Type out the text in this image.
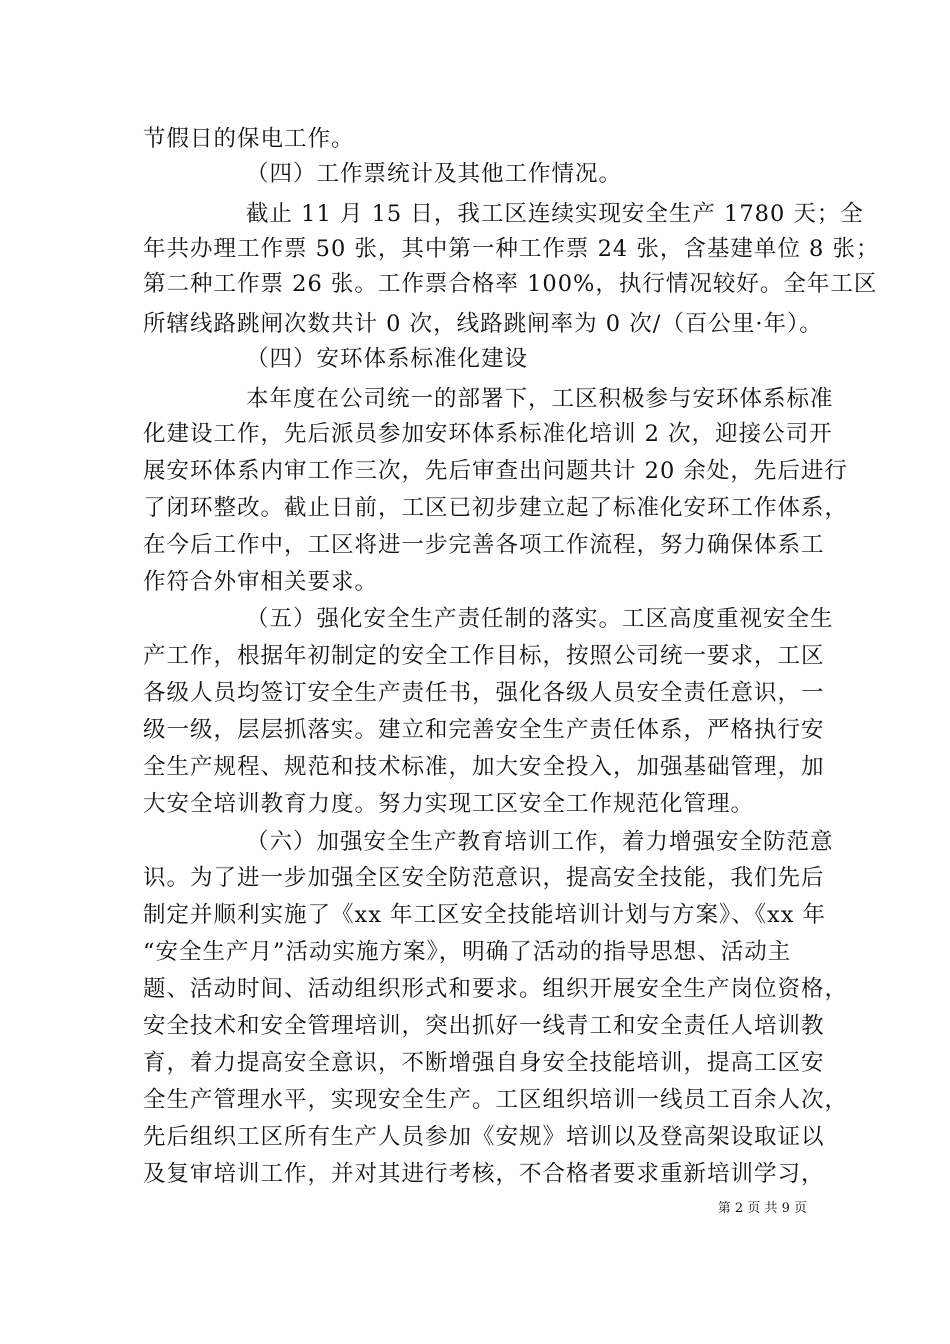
节假日的保电工作。
（四）工作票统计及其他工作情况。
截止 11 月 15 日，我工区连续实现安全生产 1780 天；全
年共办理工作票 50 张，其中第一种工作票 24 张，含基建单位 8 张；
第二种工作票 26 张。工作票合格率 100%，执行情况较好。全年工区
所辖线路跳闸次数共计 0 次，线路跳闸率为 0 次/（百公里·年）。
（四）安环体系标准化建设
本年度在公司统一的部署下，工区积极参与安环体系标准
化建设工作，先后派员参加安环体系标准化培训 2 次，迎接公司开
展安环体系内审工作三次，先后审查出问题共计 20 余处，先后进行
了闭环整改。截止日前，工区已初步建立起了标准化安环工作体系，
在今后工作中，工区将进一步完善各项工作流程，努力确保体系工
作符合外审相关要求。
（五）强化安全生产责任制的落实。工区高度重视安全生
产工作，根据年初制定的安全工作目标，按照公司统一要求，工区
各级人员均签订安全生产责任书，强化各级人员安全责任意识，一
级一级，层层抓落实。建立和完善安全生产责任体系，严格执行安
全生产规程、规范和技术标准，加大安全投入，加强基础管理，加
大安全培训教育力度。努力实现工区安全工作规范化管理。
（六）加强安全生产教育培训工作，着力增强安全防范意
识。为了进一步加强全区安全防范意识，提高安全技能，我们先后
制定并顺利实施了《xx 年工区安全技能培训计划与方案》、《xx 年
“安全生产月”活动实施方案》，明确了活动的指导思想、活动主
题、活动时间、活动组织形式和要求。组织开展安全生产岗位资格，
安全技术和安全管理培训，突出抓好一线青工和安全责任人培训教
育，着力提高安全意识，不断增强自身安全技能培训，提高工区安
全生产管理水平，实现安全生产。工区组织培训一线员工百余人次，
先后组织工区所有生产人员参加《安规》培训以及登高架设取证以
及复审培训工作，并对其进行考核，不合格者要求重新培训学习，
第 2 页 共 9 页
